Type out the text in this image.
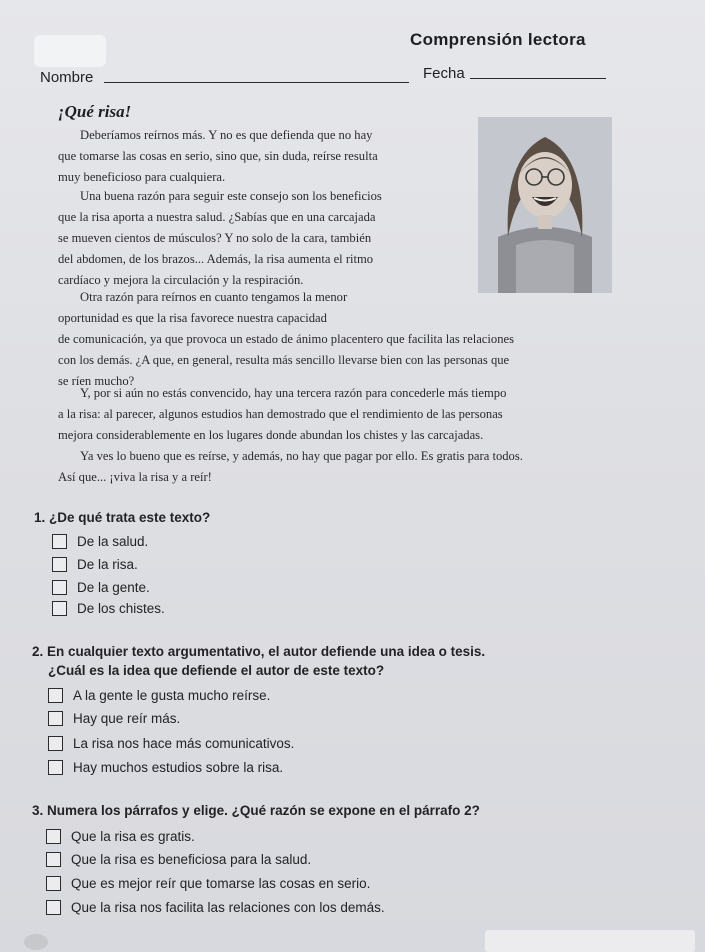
Comprensión lectora
Nombre	Fecha
¡Qué risa!

Deberíamos reírnos más. Y no es que defienda que no hay
que tomarse las cosas en serio, sino que, sin duda, reírse resulta
muy beneficioso para cualquiera.

Una buena razón para seguir este consejo son los beneficios
que la risa aporta a nuestra salud. ¿Sabías que en una carcajada
se mueven cientos de músculos? Y no solo de la cara, también
del abdomen, de los brazos... Además, la risa aumenta el ritmo
cardíaco y mejora la circulación y la respiración.

Otra razón para reírnos en cuanto tengamos la menor
oportunidad es que la risa favorece nuestra capacidad
de comunicación, ya que provoca un estado de ánimo placentero que facilita las relaciones
con los demás. ¿A que, en general, resulta más sencillo llevarse bien con las personas que
se ríen mucho?

Y, por si aún no estás convencido, hay una tercera razón para concederle más tiempo
a la risa: al parecer, algunos estudios han demostrado que el rendimiento de las personas
mejora considerablemente en los lugares donde abundan los chistes y las carcajadas.

Ya ves lo bueno que es reírse, y además, no hay que pagar por ello. Es gratis para todos.
Así que... ¡viva la risa y a reír!

1. ¿De qué trata este texto?
De la salud.
De la risa.
De la gente.
De los chistes.
2. En cualquier texto argumentativo, el autor defiende una idea o tesis.
¿Cuál es la idea que defiende el autor de este texto?
A la gente le gusta mucho reírse.
Hay que reír más.
La risa nos hace más comunicativos.
Hay muchos estudios sobre la risa.
3. Numera los párrafos y elige. ¿Qué razón se expone en el párrafo 2?
Que la risa es gratis.
Que la risa es beneficiosa para la salud.
Que es mejor reír que tomarse las cosas en serio.
Que la risa nos facilita las relaciones con los demás.
